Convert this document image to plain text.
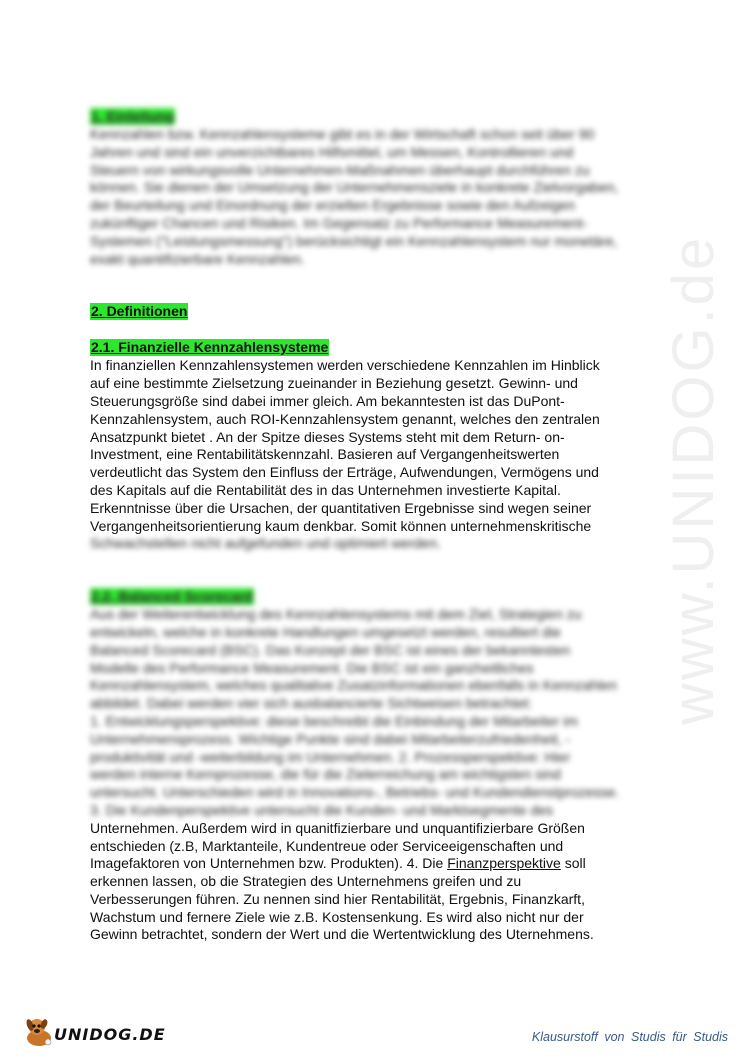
www.UNIDOG.de
1. Einleitung

Kennzahlen bzw. Kennzahlensysteme gibt es in der Wirtschaft schon seit über 90
Jahren und sind ein unverzichtbares Hilfsmittel, um Messen, Kontrollieren und
Steuern von wirkungsvolle Unternehmen-Maßnahmen überhaupt durchführen zu
können. Sie dienen der Umsetzung der Unternehmensziele in konkrete Zielvorgaben,
der Beurteilung und Einordnung der erzielten Ergebnisse sowie den Aufzeigen
zukünftiger Chancen und Risiken. Im Gegensatz zu Performance Measurement-
Systemen ("Leistungsmessung") berücksichtigt ein Kennzahlensystem nur monetäre,
exakt quantifizierbare Kennzahlen.

2. Definitionen
2.1. Finanzielle Kennzahlensysteme

In finanziellen Kennzahlensystemen werden verschiedene Kennzahlen im Hinblick
auf eine bestimmte Zielsetzung zueinander in Beziehung gesetzt. Gewinn- und
Steuerungsgröße sind dabei immer gleich. Am bekanntesten ist das DuPont-
Kennzahlensystem, auch ROI-Kennzahlensystem genannt, welches den zentralen
Ansatzpunkt bietet . An der Spitze dieses Systems steht mit dem Return- on-
Investment, eine Rentabilitätskennzahl. Basieren auf Vergangenheitswerten
verdeutlicht das System den Einfluss der Erträge, Aufwendungen, Vermögens und
des Kapitals auf die Rentabilität des in das Unternehmen investierte Kapital.
Erkenntnisse über die Ursachen, der quantitativen Ergebnisse sind wegen seiner
Vergangenheitsorientierung kaum denkbar. Somit können unternehmenskritische
Schwachstellen nicht aufgefunden und optimiert werden.

2.2. Balanced Scorecard

Aus der Weiterentwicklung des Kennzahlensystems mit dem Ziel, Strategien zu
entwickeln, welche in konkrete Handlungen umgesetzt werden, resultiert die
Balanced Scorecard (BSC). Das Konzept der BSC ist eines der bekanntesten
Modelle des Performance Measurement. Die BSC ist ein ganzheitliches
Kennzahlensystem, welches qualitative Zusatzinformationen ebenfalls in Kennzahlen
abbildet. Dabei werden vier sich ausbalancierte Sichtweisen betrachtet:
1. Entwicklungsperspektive: diese beschreibt die Einbindung der Mitarbeiter im
Unternehmensprozess. Wichtige Punkte sind dabei Mitarbeiterzufriedenheit, -
produktivität und -weiterbildung im Unternehmen. 2. Prozessperspektive: Hier
werden interne Kernprozesse, die für die Zielerreichung am wichtigsten sind
untersucht. Unterschieden wird in Innovations-, Betriebs- und Kundendienstprozesse.
3. Die Kundenperspektive untersucht die Kunden- und Marktsegmente des

Unternehmen. Außerdem wird in quanitfizierbare und unquantifizierbare Größen
entschieden (z.B, Marktanteile, Kundentreue oder Serviceeigenschaften und
Imagefaktoren von Unternehmen bzw. Produkten). 4. Die Finanzperspektive soll
erkennen lassen, ob die Strategien des Unternehmens greifen und zu
Verbesserungen führen. Zu nennen sind hier Rentabilität, Ergebnis, Finanzkarft,
Wachstum und fernere Ziele wie z.B. Kostensenkung. Es wird also nicht nur der
Gewinn betrachtet, sondern der Wert und die Wertentwicklung des Uternehmens.

UNIDOG.DE	Klausurstoff von Studis für Studis
